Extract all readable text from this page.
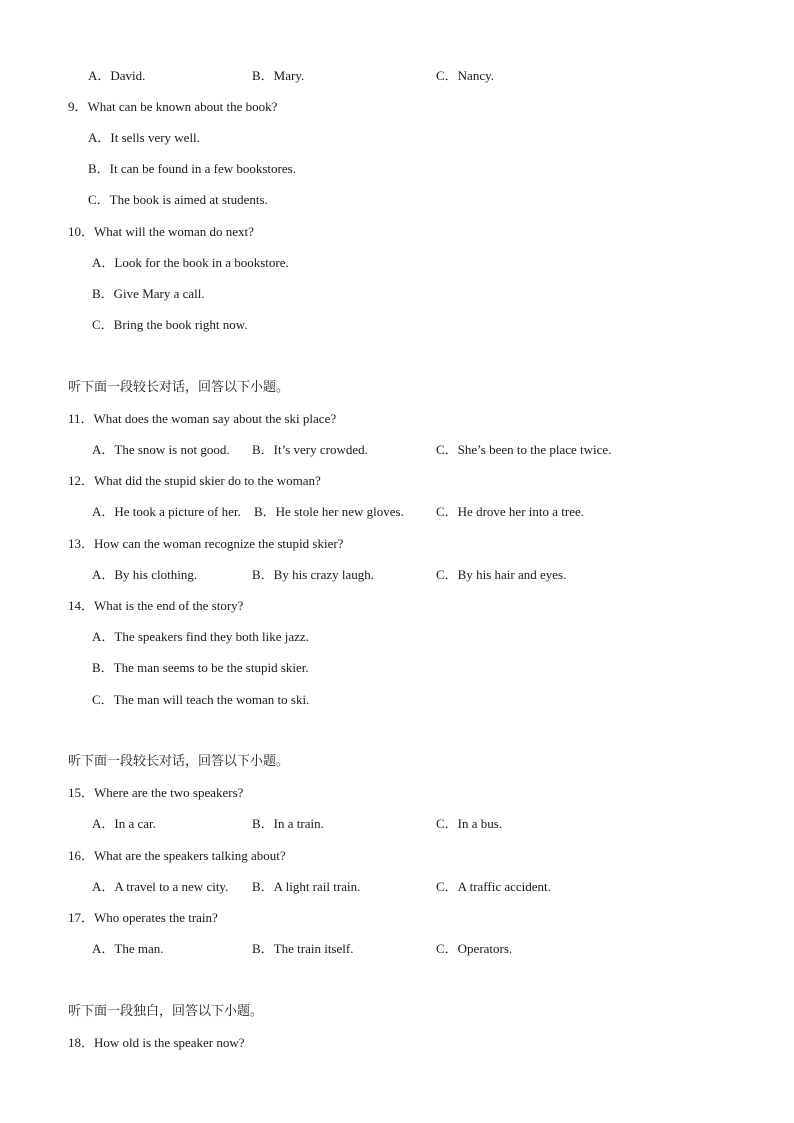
A．David.	B．Mary.	C．Nancy.
9．What can be known about the book?
A．It sells very well.
B．It can be found in a few bookstores.
C．The book is aimed at students.
10．What will the woman do next?
A．Look for the book in a bookstore.
B．Give Mary a call.
C．Bring the book right now.
听下面一段较长对话，回答以下小题。
11．What does the woman say about the ski place?
A．The snow is not good. B．It’s very crowded.	C．She’s been to the place twice.
12．What did the stupid skier do to the woman?
A．He took a picture of her. B．He stole her new gloves. C．He drove her into a tree.
13．How can the woman recognize the stupid skier?
A．By his clothing.	B．By his crazy laugh.	C．By his hair and eyes.
14．What is the end of the story?
A．The speakers find they both like jazz.
B．The man seems to be the stupid skier.
C．The man will teach the woman to ski.
听下面一段较长对话，回答以下小题。
15．Where are the two speakers?
A．In a car.	B．In a train.	C．In a bus.
16．What are the speakers talking about?
A．A travel to a new city. B．A light rail train.	C．A traffic accident.
17．Who operates the train?
A．The man.	B．The train itself.	C．Operators.
听下面一段独白，回答以下小题。
18．How old is the speaker now?
